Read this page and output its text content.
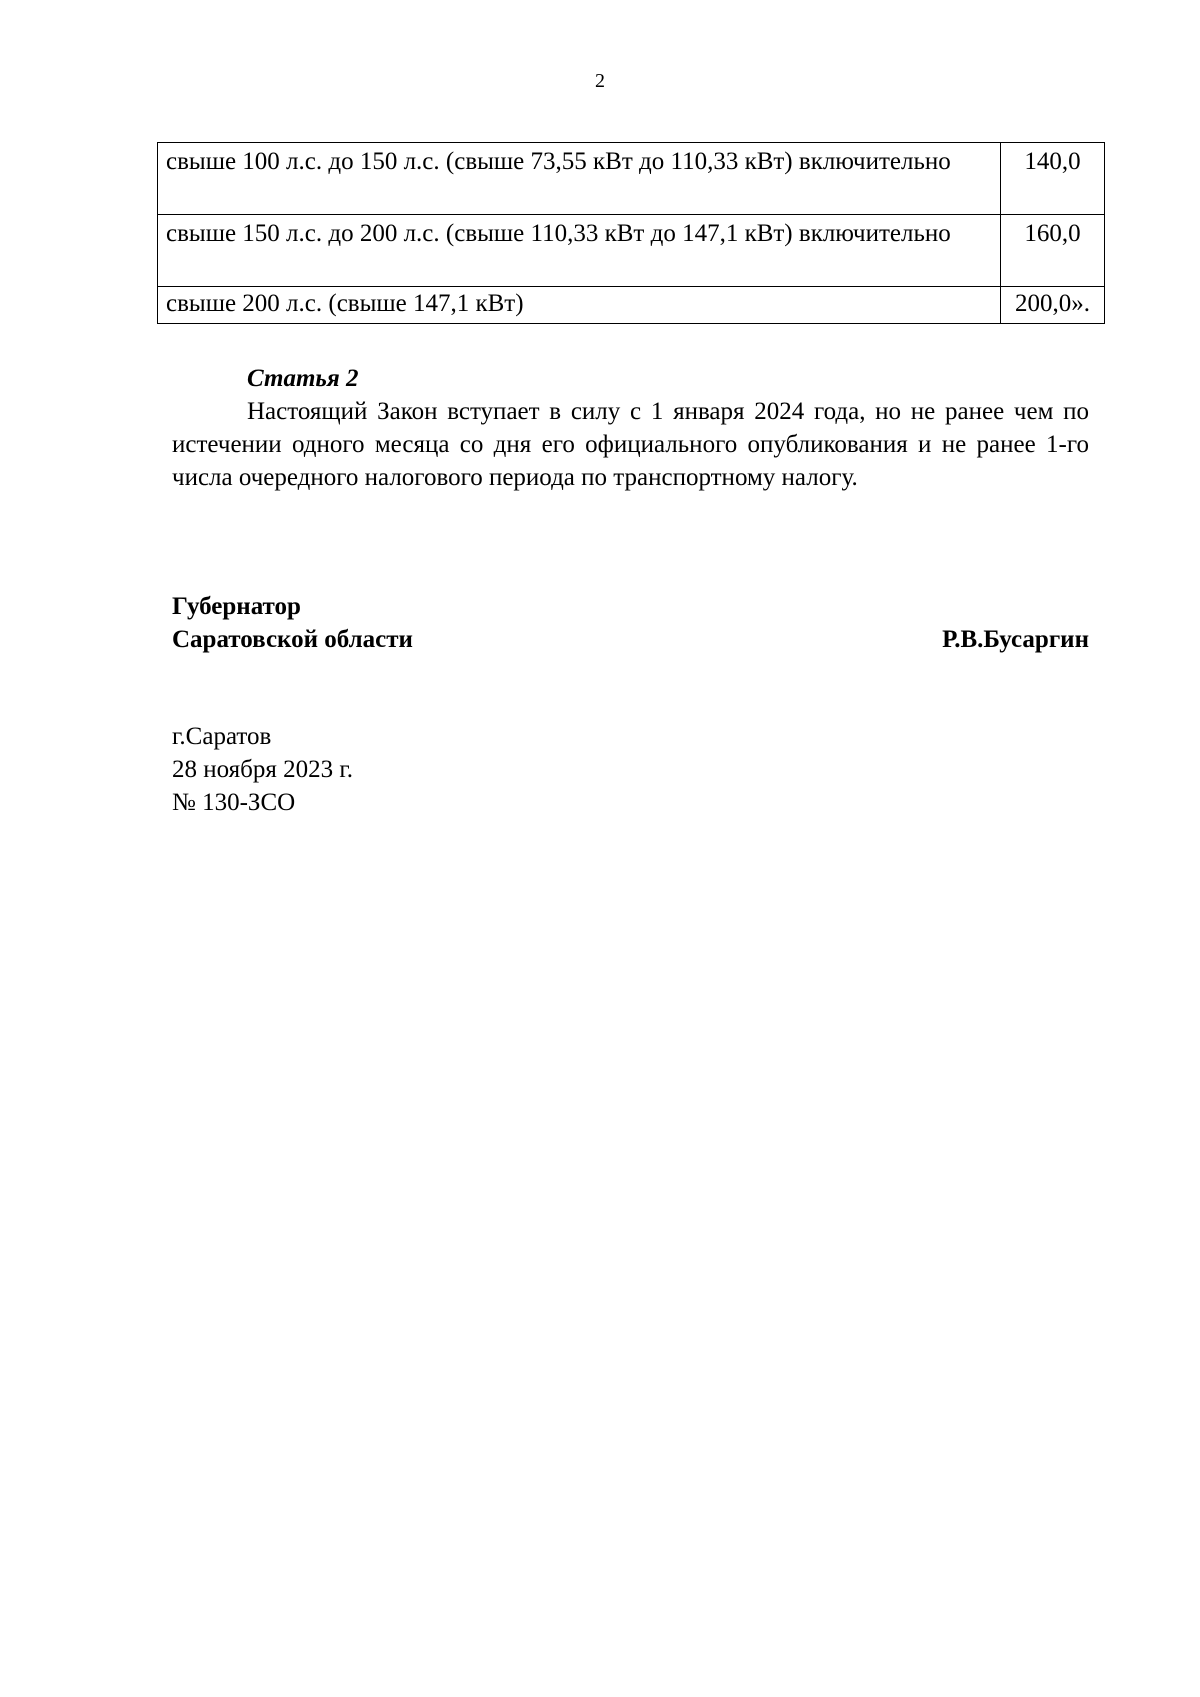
2
свыше 100 л.с. до 150 л.с. (свыше 73,55 кВт до 110,33 кВт) включительно	140,0
свыше 150 л.с. до 200 л.с. (свыше 110,33 кВт до 147,1 кВт) включительно	160,0
свыше 200 л.с. (свыше 147,1 кВт)	200,0».
Статья 2

Настоящий Закон вступает в силу с 1 января 2024 года, но не ранее чем по истечении одного месяца со дня его официального опубликования и не ранее 1-го числа очередного налогового периода по транспортному налогу.

Губернатор
Саратовской области	Р.В.Бусаргин
г.Саратов
28 ноября 2023 г.
№ 130-ЗСО
